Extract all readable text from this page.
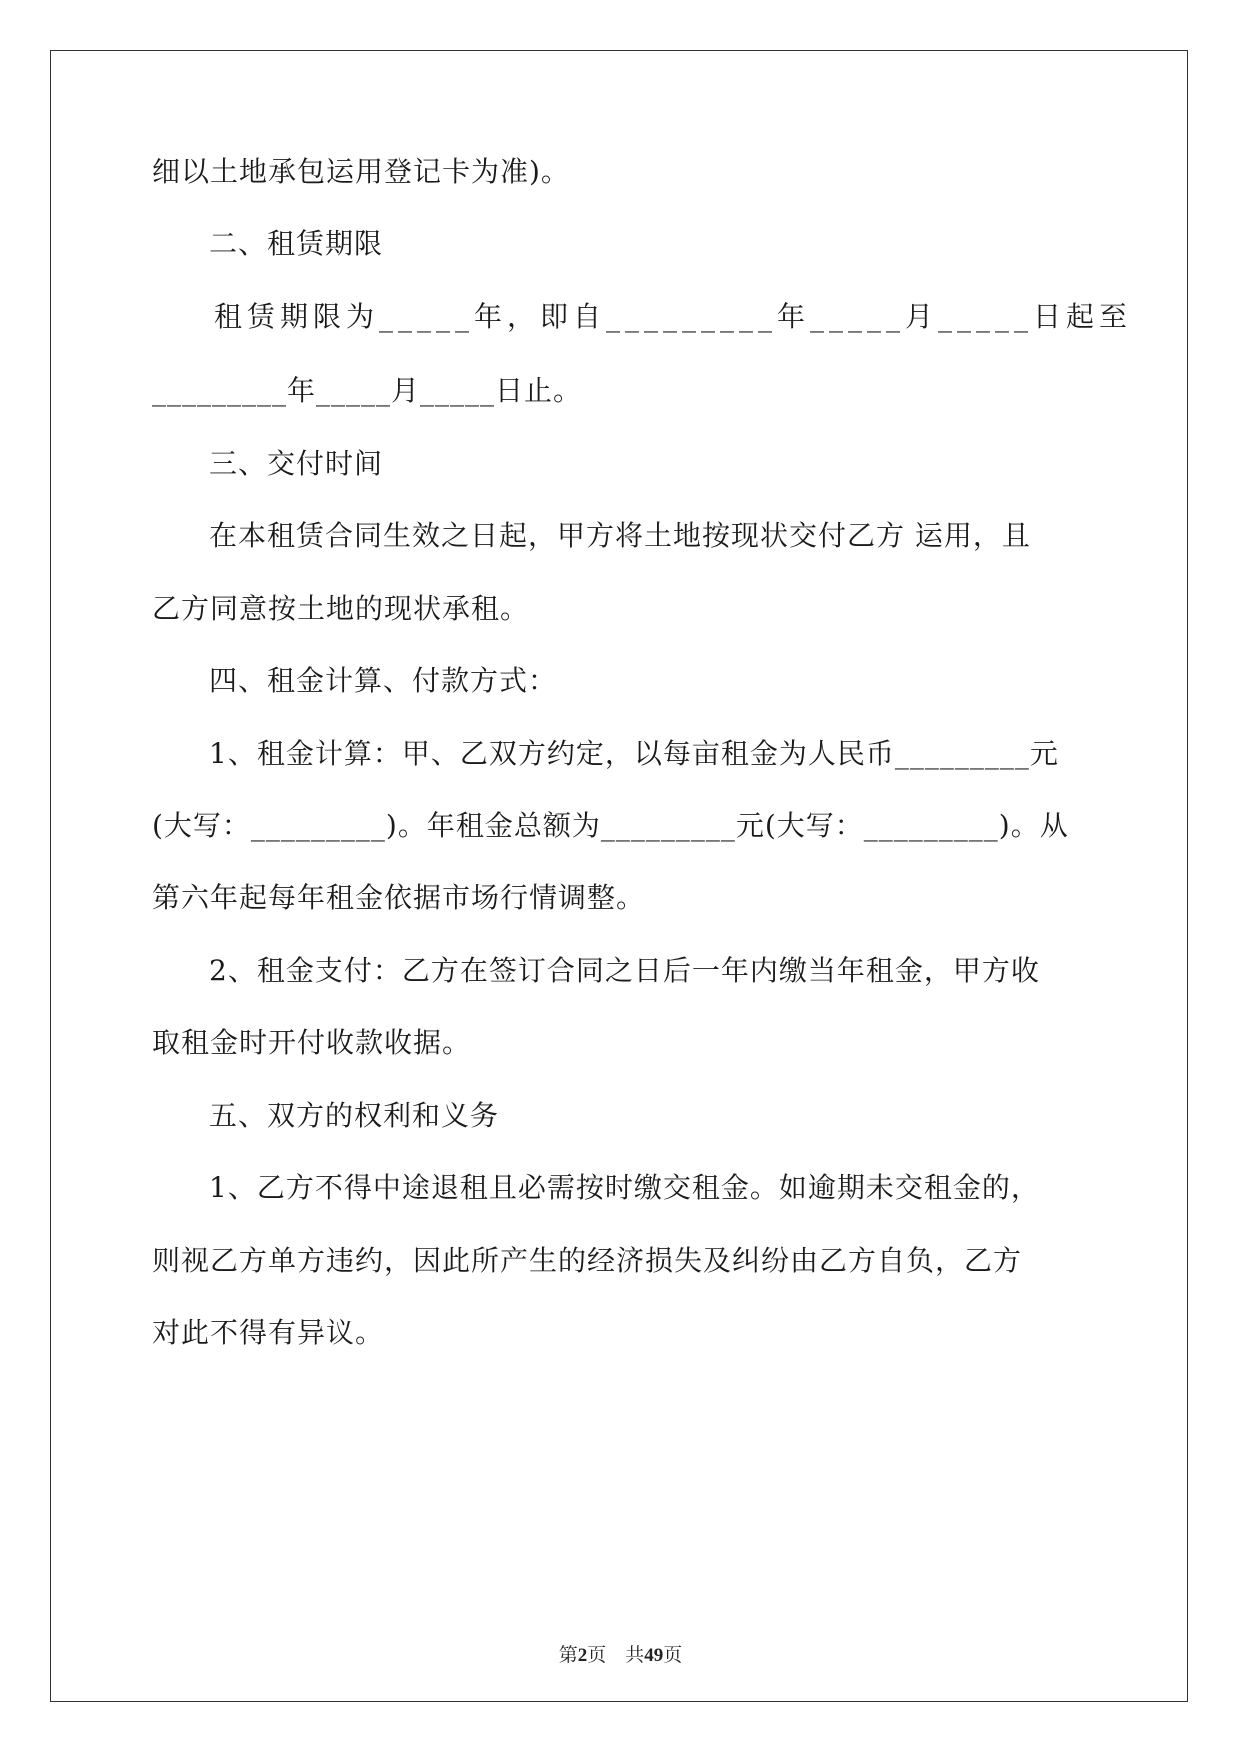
细以土地承包运用登记卡为准)。
二、租赁期限
租赁期限为_____年，即自_________年_____月_____日起至
_________年_____月_____日止。
三、交付时间
在本租赁合同生效之日起，甲方将土地按现状交付乙方 运用，且
乙方同意按土地的现状承租。
四、租金计算、付款方式：
1、租金计算：甲、乙双方约定，以每亩租金为人民币_________元
(大写：_________)。年租金总额为_________元(大写：_________)。从
第六年起每年租金依据市场行情调整。
2、租金支付：乙方在签订合同之日后一年内缴当年租金，甲方收
取租金时开付收款收据。
五、双方的权利和义务
1、乙方不得中途退租且必需按时缴交租金。如逾期未交租金的，
则视乙方单方违约，因此所产生的经济损失及纠纷由乙方自负，乙方
对此不得有异议。
第2页 共49页
